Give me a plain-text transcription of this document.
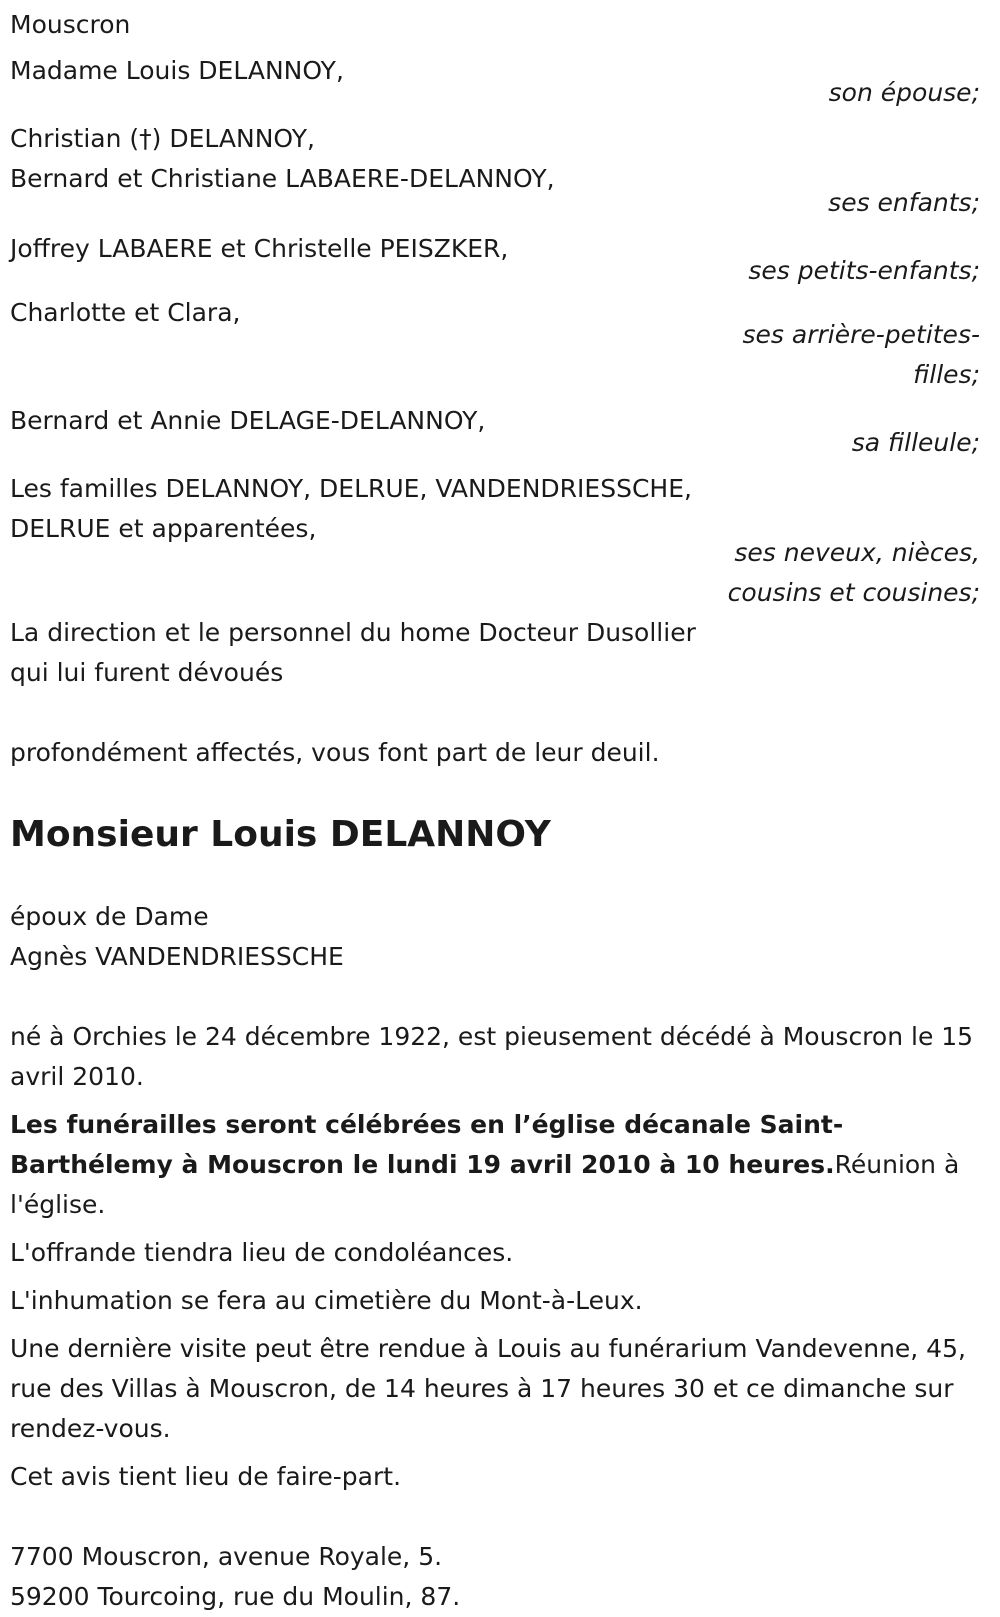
Mouscron

Madame Louis DELANNOY,

son épouse;

Christian (†) DELANNOY,

Bernard et Christiane LABAERE-DELANNOY,

ses enfants;

Joffrey LABAERE et Christelle PEISZKER,

ses petits-enfants;

Charlotte et Clara,

ses arrière-petites-

filles;

Bernard et Annie DELAGE-DELANNOY,

sa filleule;

Les familles DELANNOY, DELRUE, VANDENDRIESSCHE,

DELRUE et apparentées,

ses neveux, nièces,

cousins et cousines;

La direction et le personnel du home Docteur Dusollier

qui lui furent dévoués

profondément affectés, vous font part de leur deuil.

Monsieur Louis DELANNOY

époux de Dame

Agnès VANDENDRIESSCHE

né à Orchies le 24 décembre 1922, est pieusement décédé à Mouscron le 15 avril 2010.

Les funérailles seront célébrées en l’église décanale Saint-Barthélemy à Mouscron le lundi 19 avril 2010 à 10 heures.Réunion à l'église.

L'offrande tiendra lieu de condoléances.

L'inhumation se fera au cimetière du Mont-à-Leux.

Une dernière visite peut être rendue à Louis au funérarium Vandevenne, 45, rue des Villas à Mouscron, de 14 heures à 17 heures 30 et ce dimanche sur rendez-vous.

Cet avis tient lieu de faire-part.

7700 Mouscron, avenue Royale, 5.

59200 Tourcoing, rue du Moulin, 87.
